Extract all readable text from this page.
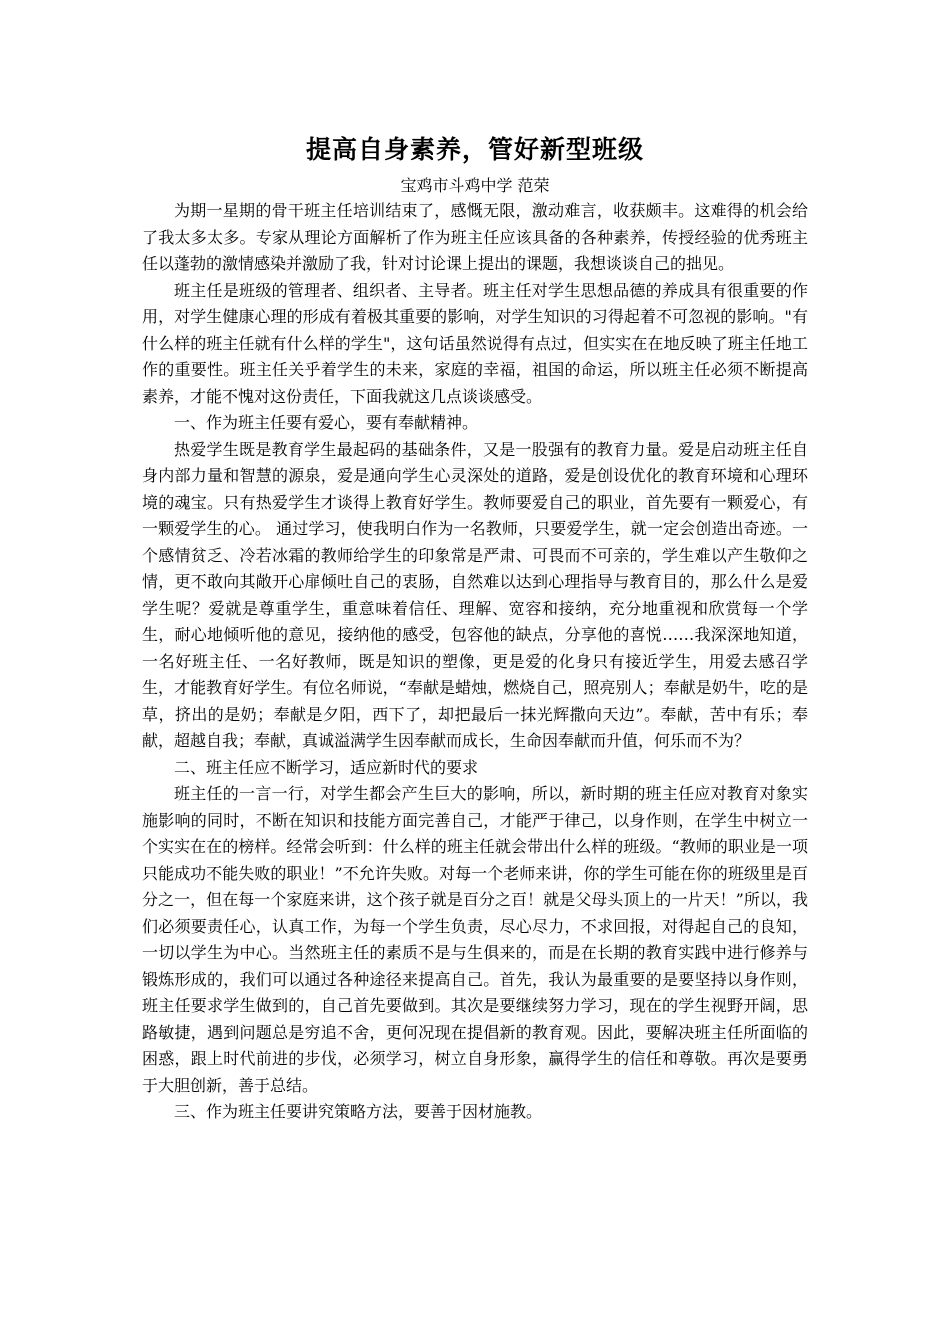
提高自身素养，管好新型班级
宝鸡市斗鸡中学 范荣

为期一星期的骨干班主任培训结束了，感慨无限，激动难言，收获颇丰。这难得的机会给了我太多太多。专家从理论方面解析了作为班主任应该具备的各种素养，传授经验的优秀班主任以蓬勃的激情感染并激励了我，针对讨论课上提出的课题，我想谈谈自己的拙见。

班主任是班级的管理者、组织者、主导者。班主任对学生思想品德的养成具有很重要的作用，对学生健康心理的形成有着极其重要的影响，对学生知识的习得起着不可忽视的影响。"有什么样的班主任就有什么样的学生"，这句话虽然说得有点过，但实实在在地反映了班主任地工作的重要性。班主任关乎着学生的未来，家庭的幸福，祖国的命运，所以班主任必须不断提高素养，才能不愧对这份责任，下面我就这几点谈谈感受。

一、作为班主任要有爱心，要有奉献精神。

热爱学生既是教育学生最起码的基础条件，又是一股强有的教育力量。爱是启动班主任自身内部力量和智慧的源泉，爱是通向学生心灵深处的道路，爱是创设优化的教育环境和心理环境的魂宝。只有热爱学生才谈得上教育好学生。教师要爱自己的职业，首先要有一颗爱心，有一颗爱学生的心。 通过学习，使我明白作为一名教师，只要爱学生，就一定会创造出奇迹。一个感情贫乏、冷若冰霜的教师给学生的印象常是严肃、可畏而不可亲的，学生难以产生敬仰之情，更不敢向其敞开心扉倾吐自己的衷肠，自然难以达到心理指导与教育目的，那么什么是爱学生呢？爱就是尊重学生，重意味着信任、理解、宽容和接纳，充分地重视和欣赏每一个学生，耐心地倾听他的意见，接纳他的感受，包容他的缺点，分享他的喜悦……我深深地知道，一名好班主任、一名好教师，既是知识的塑像，更是爱的化身只有接近学生，用爱去感召学生，才能教育好学生。有位名师说，“奉献是蜡烛，燃烧自己，照亮别人；奉献是奶牛，吃的是草，挤出的是奶；奉献是夕阳，西下了，却把最后一抹光辉撒向天边”。奉献，苦中有乐；奉献，超越自我；奉献，真诚溢满学生因奉献而成长，生命因奉献而升值，何乐而不为？

二、班主任应不断学习，适应新时代的要求

班主任的一言一行，对学生都会产生巨大的影响，所以，新时期的班主任应对教育对象实施影响的同时，不断在知识和技能方面完善自己，才能严于律己，以身作则，在学生中树立一个实实在在的榜样。经常会听到：什么样的班主任就会带出什么样的班级。“教师的职业是一项只能成功不能失败的职业！”不允许失败。对每一个老师来讲，你的学生可能在你的班级里是百分之一，但在每一个家庭来讲，这个孩子就是百分之百！就是父母头顶上的一片天！”所以，我们必须要责任心，认真工作，为每一个学生负责，尽心尽力，不求回报，对得起自己的良知，一切以学生为中心。当然班主任的素质不是与生俱来的，而是在长期的教育实践中进行修养与锻炼形成的，我们可以通过各种途径来提高自己。首先，我认为最重要的是要坚持以身作则，班主任要求学生做到的，自己首先要做到。其次是要继续努力学习，现在的学生视野开阔，思路敏捷，遇到问题总是穷追不舍，更何况现在提倡新的教育观。因此，要解决班主任所面临的困惑，跟上时代前进的步伐，必须学习，树立自身形象，赢得学生的信任和尊敬。再次是要勇于大胆创新，善于总结。

三、作为班主任要讲究策略方法，要善于因材施教。
